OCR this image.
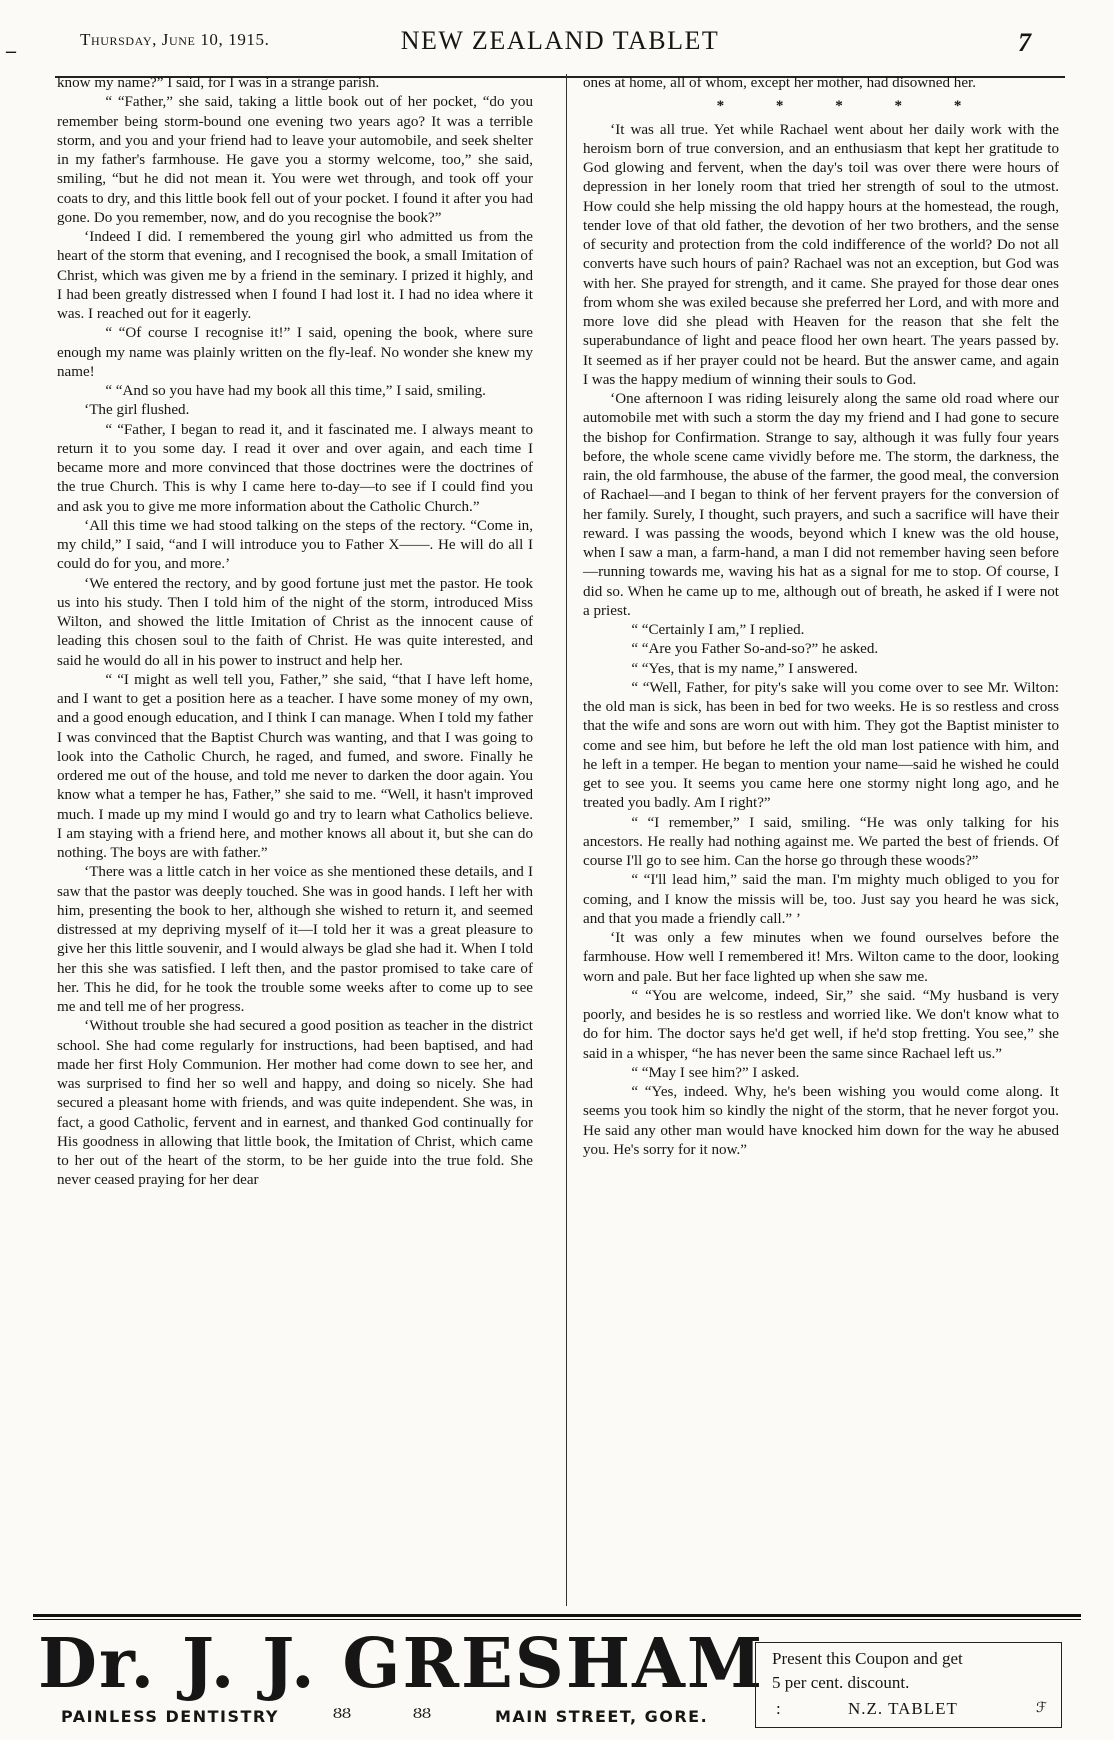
Thursday, June 10, 1915.	NEW ZEALAND TABLET	7
–

know my name?” I said, for I was in a strange parish.

“ “Father,” she said, taking a little book out of her pocket, “do you remember being storm-bound one evening two years ago? It was a terrible storm, and you and your friend had to leave your automobile, and seek shelter in my father's farmhouse. He gave you a stormy welcome, too,” she said, smiling, “but he did not mean it. You were wet through, and took off your coats to dry, and this little book fell out of your pocket. I found it after you had gone. Do you remember, now, and do you recognise the book?”

‘Indeed I did. I remembered the young girl who admitted us from the heart of the storm that evening, and I recognised the book, a small Imitation of Christ, which was given me by a friend in the seminary. I prized it highly, and I had been greatly distressed when I found I had lost it. I had no idea where it was. I reached out for it eagerly.

“ “Of course I recognise it!” I said, opening the book, where sure enough my name was plainly written on the fly-leaf. No wonder she knew my name!

“ “And so you have had my book all this time,” I said, smiling.

‘The girl flushed.

“ “Father, I began to read it, and it fascinated me. I always meant to return it to you some day. I read it over and over again, and each time I became more and more convinced that those doctrines were the doctrines of the true Church. This is why I came here to-day—to see if I could find you and ask you to give me more information about the Catholic Church.”

‘All this time we had stood talking on the steps of the rectory. “Come in, my child,” I said, “and I will introduce you to Father X——. He will do all I could do for you, and more.’

‘We entered the rectory, and by good fortune just met the pastor. He took us into his study. Then I told him of the night of the storm, introduced Miss Wilton, and showed the little Imitation of Christ as the innocent cause of leading this chosen soul to the faith of Christ. He was quite interested, and said he would do all in his power to instruct and help her.

“ “I might as well tell you, Father,” she said, “that I have left home, and I want to get a position here as a teacher. I have some money of my own, and a good enough education, and I think I can manage. When I told my father I was convinced that the Baptist Church was wanting, and that I was going to look into the Catholic Church, he raged, and fumed, and swore. Finally he ordered me out of the house, and told me never to darken the door again. You know what a temper he has, Father,” she said to me. “Well, it hasn't improved much. I made up my mind I would go and try to learn what Catholics believe. I am staying with a friend here, and mother knows all about it, but she can do nothing. The boys are with father.”

‘There was a little catch in her voice as she mentioned these details, and I saw that the pastor was deeply touched. She was in good hands. I left her with him, presenting the book to her, although she wished to return it, and seemed distressed at my depriving myself of it—I told her it was a great pleasure to give her this little souvenir, and I would always be glad she had it. When I told her this she was satisfied. I left then, and the pastor promised to take care of her. This he did, for he took the trouble some weeks after to come up to see me and tell me of her progress.

‘Without trouble she had secured a good position as teacher in the district school. She had come regularly for instructions, had been baptised, and had made her first Holy Communion. Her mother had come down to see her, and was surprised to find her so well and happy, and doing so nicely. She had secured a pleasant home with friends, and was quite independent. She was, in fact, a good Catholic, fervent and in earnest, and thanked God continually for His goodness in allowing that little book, the Imitation of Christ, which came to her out of the heart of the storm, to be her guide into the true fold. She never ceased praying for her dear

ones at home, all of whom, except her mother, had disowned her.

* * * * *

‘It was all true. Yet while Rachael went about her daily work with the heroism born of true conversion, and an enthusiasm that kept her gratitude to God glowing and fervent, when the day's toil was over there were hours of depression in her lonely room that tried her strength of soul to the utmost. How could she help missing the old happy hours at the homestead, the rough, tender love of that old father, the devotion of her two brothers, and the sense of security and protection from the cold indifference of the world? Do not all converts have such hours of pain? Rachael was not an exception, but God was with her. She prayed for strength, and it came. She prayed for those dear ones from whom she was exiled because she preferred her Lord, and with more and more love did she plead with Heaven for the reason that she felt the superabundance of light and peace flood her own heart. The years passed by. It seemed as if her prayer could not be heard. But the answer came, and again I was the happy medium of winning their souls to God.

‘One afternoon I was riding leisurely along the same old road where our automobile met with such a storm the day my friend and I had gone to secure the bishop for Confirmation. Strange to say, although it was fully four years before, the whole scene came vividly before me. The storm, the darkness, the rain, the old farmhouse, the abuse of the farmer, the good meal, the conversion of Rachael—and I began to think of her fervent prayers for the conversion of her family. Surely, I thought, such prayers, and such a sacrifice will have their reward. I was passing the woods, beyond which I knew was the old house, when I saw a man, a farm-hand, a man I did not remember having seen before—running towards me, waving his hat as a signal for me to stop. Of course, I did so. When he came up to me, although out of breath, he asked if I were not a priest.

“ “Certainly I am,” I replied.

“ “Are you Father So-and-so?” he asked.

“ “Yes, that is my name,” I answered.

“ “Well, Father, for pity's sake will you come over to see Mr. Wilton: the old man is sick, has been in bed for two weeks. He is so restless and cross that the wife and sons are worn out with him. They got the Baptist minister to come and see him, but before he left the old man lost patience with him, and he left in a temper. He began to mention your name—said he wished he could get to see you. It seems you came here one stormy night long ago, and he treated you badly. Am I right?”

“ “I remember,” I said, smiling. “He was only talking for his ancestors. He really had nothing against me. We parted the best of friends. Of course I'll go to see him. Can the horse go through these woods?”

“ “I'll lead him,” said the man. I'm mighty much obliged to you for coming, and I know the missis will be, too. Just say you heard he was sick, and that you made a friendly call.” ’

‘It was only a few minutes when we found ourselves before the farmhouse. How well I remembered it! Mrs. Wilton came to the door, looking worn and pale. But her face lighted up when she saw me.

“ “You are welcome, indeed, Sir,” she said. “My husband is very poorly, and besides he is so restless and worried like. We don't know what to do for him. The doctor says he'd get well, if he'd stop fretting. You see,” she said in a whisper, “he has never been the same since Rachael left us.”

“ “May I see him?” I asked.

“ “Yes, indeed. Why, he's been wishing you would come along. It seems you took him so kindly the night of the storm, that he never forgot you. He said any other man would have knocked him down for the way he abused you. He's sorry for it now.”

Dr. J. J. GRESHAM
PAINLESS DENTISTRY	ȢȢ	ȢȢ	MAIN STREET, GORE.
Present this Coupon and get
5 per cent. discount.
:	N.Z. TABLET	ℱ
